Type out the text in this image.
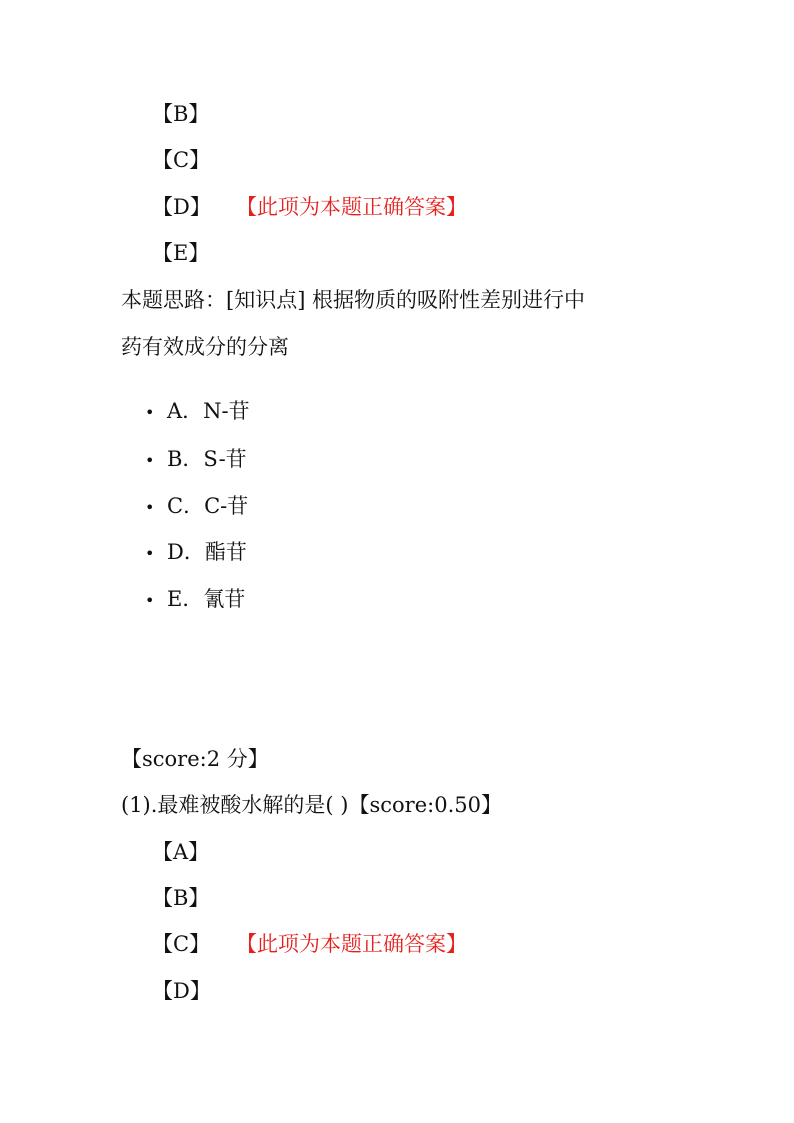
【B】
【C】
【D】 【此项为本题正确答案】
【E】
本题思路：[知识点] 根据物质的吸附性差别进行中
药有效成分的分离
• A．N-苷
• B．S-苷
• C．C-苷
• D．酯苷
• E．氰苷
【score:2 分】
(1).最难被酸水解的是( )【score:0.50】
【A】
【B】
【C】 【此项为本题正确答案】
【D】
